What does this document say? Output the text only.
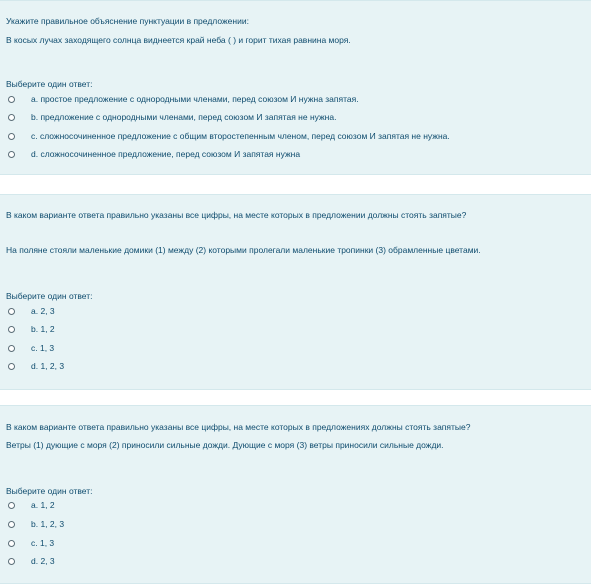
Укажите правильное объяснение пунктуации в предложении:
В косых лучах заходящего солнца виднеется край неба ( ) и горит тихая равнина моря.
Выберите один ответ:
a. простое предложение с однородными членами, перед союзом И нужна запятая.
b. предложение с однородными членами, перед союзом И запятая не нужна.
c. сложносочиненное предложение с общим второстепенным членом, перед союзом И запятая не нужна.
d. сложносочиненное предложение, перед союзом И запятая нужна
В каком варианте ответа правильно указаны все цифры, на месте которых в предложении должны стоять запятые?
На поляне стояли маленькие домики (1) между (2) которыми пролегали маленькие тропинки (3) обрамленные цветами.
Выберите один ответ:
a. 2, 3
b. 1, 2
c. 1, 3
d. 1, 2, 3
В каком варианте ответа правильно указаны все цифры, на месте которых в предложениях должны стоять запятые?
Ветры (1) дующие с моря (2) приносили сильные дожди. Дующие с моря (3) ветры приносили сильные дожди.
Выберите один ответ:
a. 1, 2
b. 1, 2, 3
c. 1, 3
d. 2, 3
